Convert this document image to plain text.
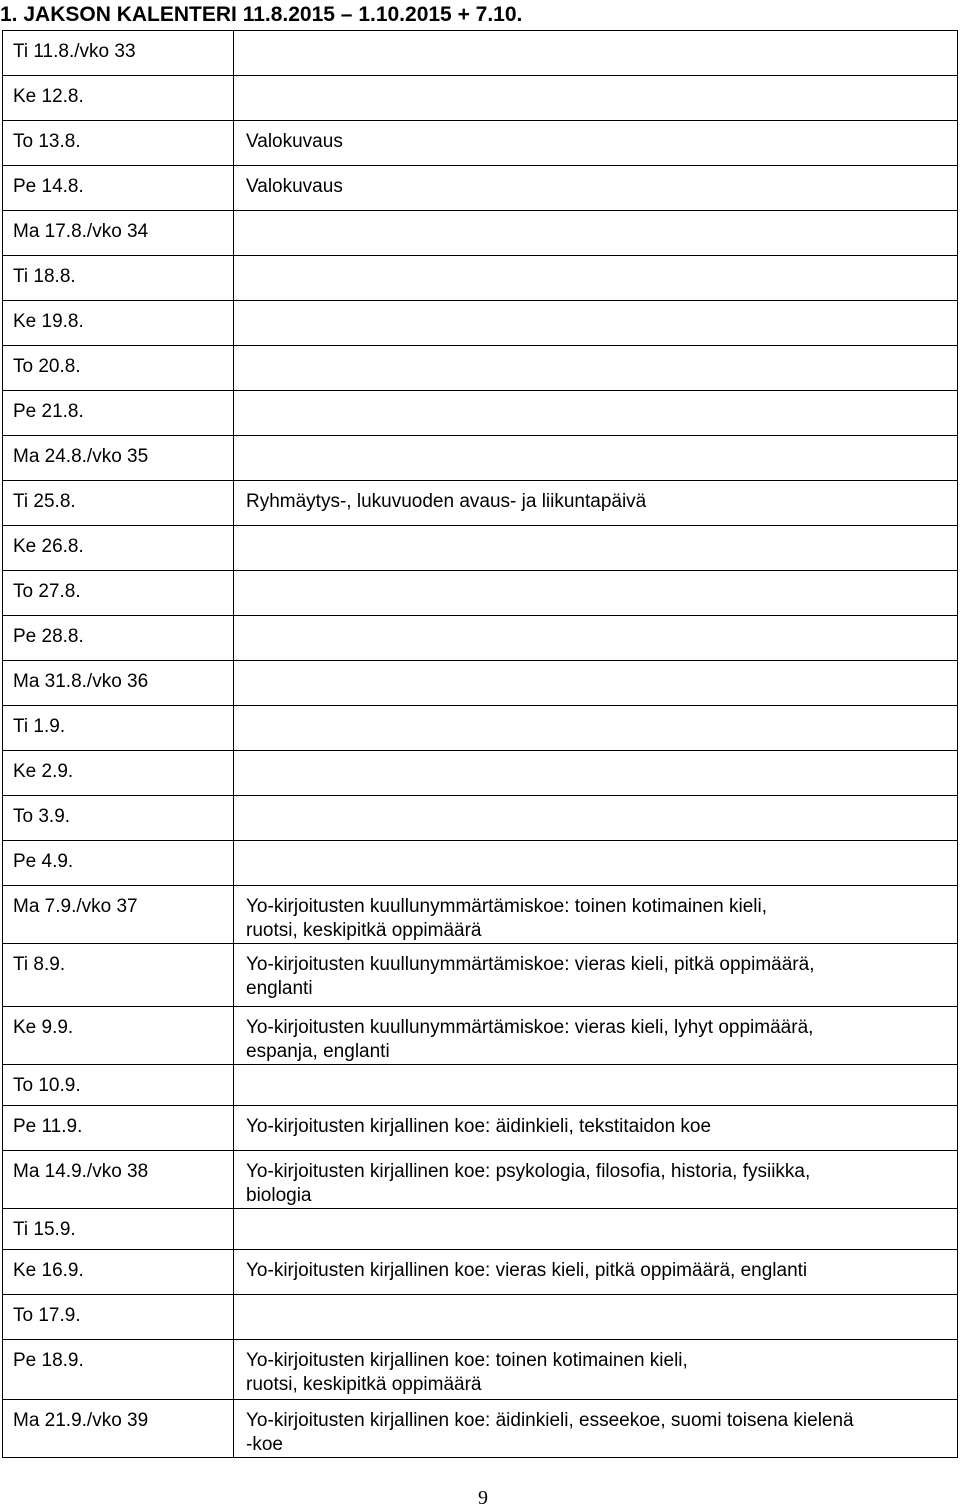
1. JAKSON KALENTERI 11.8.2015 – 1.10.2015 + 7.10.
Ti 11.8./vko 33	
Ke 12.8.	
To 13.8.	Valokuvaus
Pe 14.8.	Valokuvaus
Ma 17.8./vko 34	
Ti 18.8.	
Ke 19.8.	
To 20.8.	
Pe 21.8.	
Ma 24.8./vko 35	
Ti 25.8.	Ryhmäytys-, lukuvuoden avaus- ja liikuntapäivä
Ke 26.8.	
To 27.8.	
Pe 28.8.	
Ma 31.8./vko 36	
Ti 1.9.	
Ke 2.9.	
To 3.9.	
Pe 4.9.	
Ma 7.9./vko 37	Yo-kirjoitusten kuullunymmärtämiskoe: toinen kotimainen kieli,
ruotsi, keskipitkä oppimäärä
Ti 8.9.	Yo-kirjoitusten kuullunymmärtämiskoe: vieras kieli, pitkä oppimäärä,
englanti
Ke 9.9.	Yo-kirjoitusten kuullunymmärtämiskoe: vieras kieli, lyhyt oppimäärä,
espanja, englanti
To 10.9.	
Pe 11.9.	Yo-kirjoitusten kirjallinen koe: äidinkieli, tekstitaidon koe
Ma 14.9./vko 38	Yo-kirjoitusten kirjallinen koe: psykologia, filosofia, historia, fysiikka,
biologia
Ti 15.9.	
Ke 16.9.	Yo-kirjoitusten kirjallinen koe: vieras kieli, pitkä oppimäärä, englanti
To 17.9.	
Pe 18.9.	Yo-kirjoitusten kirjallinen koe: toinen kotimainen kieli,
ruotsi, keskipitkä oppimäärä
Ma 21.9./vko 39	Yo-kirjoitusten kirjallinen koe: äidinkieli, esseekoe, suomi toisena kielenä
-koe
9
